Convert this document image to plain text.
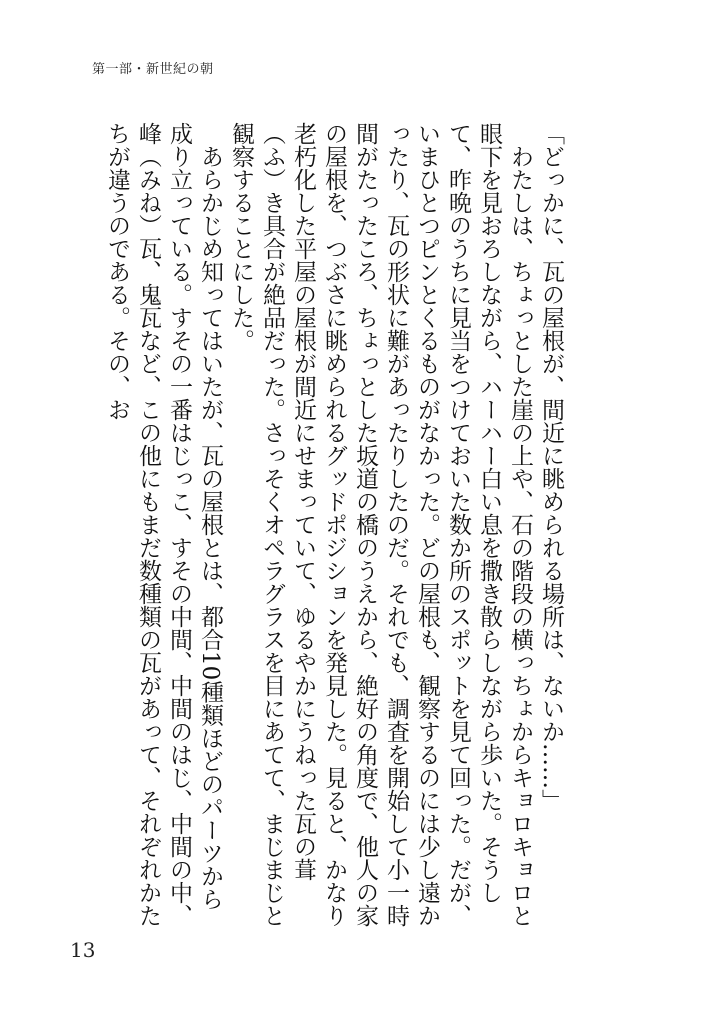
第一部・新世紀の朝

「どっかに、瓦の屋根が、間近に眺められる場所は、ないか……」

わたしは、ちょっとした崖の上や、石の階段の横っちょからキョロキョロと眼下を見おろしながら、ハーハー白い息を撒き散らしながら歩いた。そうして、昨晩のうちに見当をつけておいた数か所のスポットを見て回った。だが、いまひとつピンとくるものがなかった。どの屋根も、観察するのには少し遠かったり、瓦の形状に難があったりしたのだ。それでも、調査を開始して小一時間がたったころ、ちょっとした坂道の橋のうえから、絶好の角度で、他人の家の屋根を、つぶさに眺められるグッドポジションを発見した。見ると、かなり老朽化した平屋の屋根が間近にせまっていて、ゆるやかにうねった瓦の葺（ふ）き具合が絶品だった。さっそくオペラグラスを目にあてて、まじまじと観察することにした。

あらかじめ知ってはいたが、瓦の屋根とは、都合10種類ほどのパーツから成り立っている。すその一番はじっこ、すその中間、中間のはじ、中間の中、峰（みね）瓦、鬼瓦など、この他にもまだ数種類の瓦があって、それぞれかたちが違うのである。その、お

13
